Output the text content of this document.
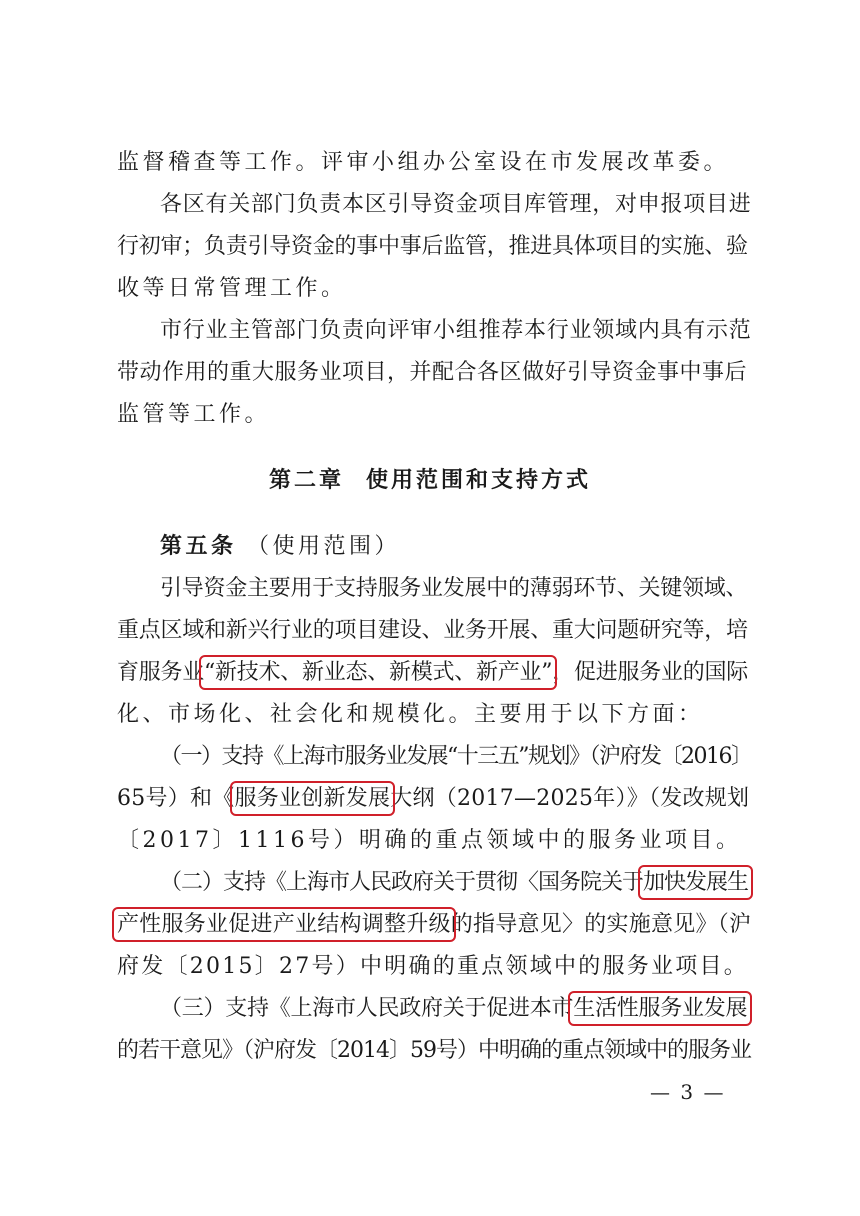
监督稽查等工作。评审小组办公室设在市发展改革委。
各区有关部门负责本区引导资金项目库管理，对申报项目进
行初审；负责引导资金的事中事后监管，推进具体项目的实施、验
收等日常管理工作。
市行业主管部门负责向评审小组推荐本行业领域内具有示范
带动作用的重大服务业项目，并配合各区做好引导资金事中事后
监管等工作。
第二章 使用范围和支持方式
第五条 （使用范围）
引导资金主要用于支持服务业发展中的薄弱环节、关键领域、
重点区域和新兴行业的项目建设、业务开展、重大问题研究等，培
育服务业“新技术、新业态、新模式、新产业”，促进服务业的国际
化、市场化、社会化和规模化。主要用于以下方面：
（一）支持《上海市服务业发展“十三五”规划》（沪府发〔2016〕
65号）和《服务业创新发展大纲（2017—2025年）》（发改规划
〔2017〕1116号）明确的重点领域中的服务业项目。
（二）支持《上海市人民政府关于贯彻〈国务院关于加快发展生
产性服务业促进产业结构调整升级的指导意见〉的实施意见》（沪
府发〔2015〕27号）中明确的重点领域中的服务业项目。
（三）支持《上海市人民政府关于促进本市生活性服务业发展
的若干意见》（沪府发〔2014〕59号）中明确的重点领域中的服务业
— 3 —
